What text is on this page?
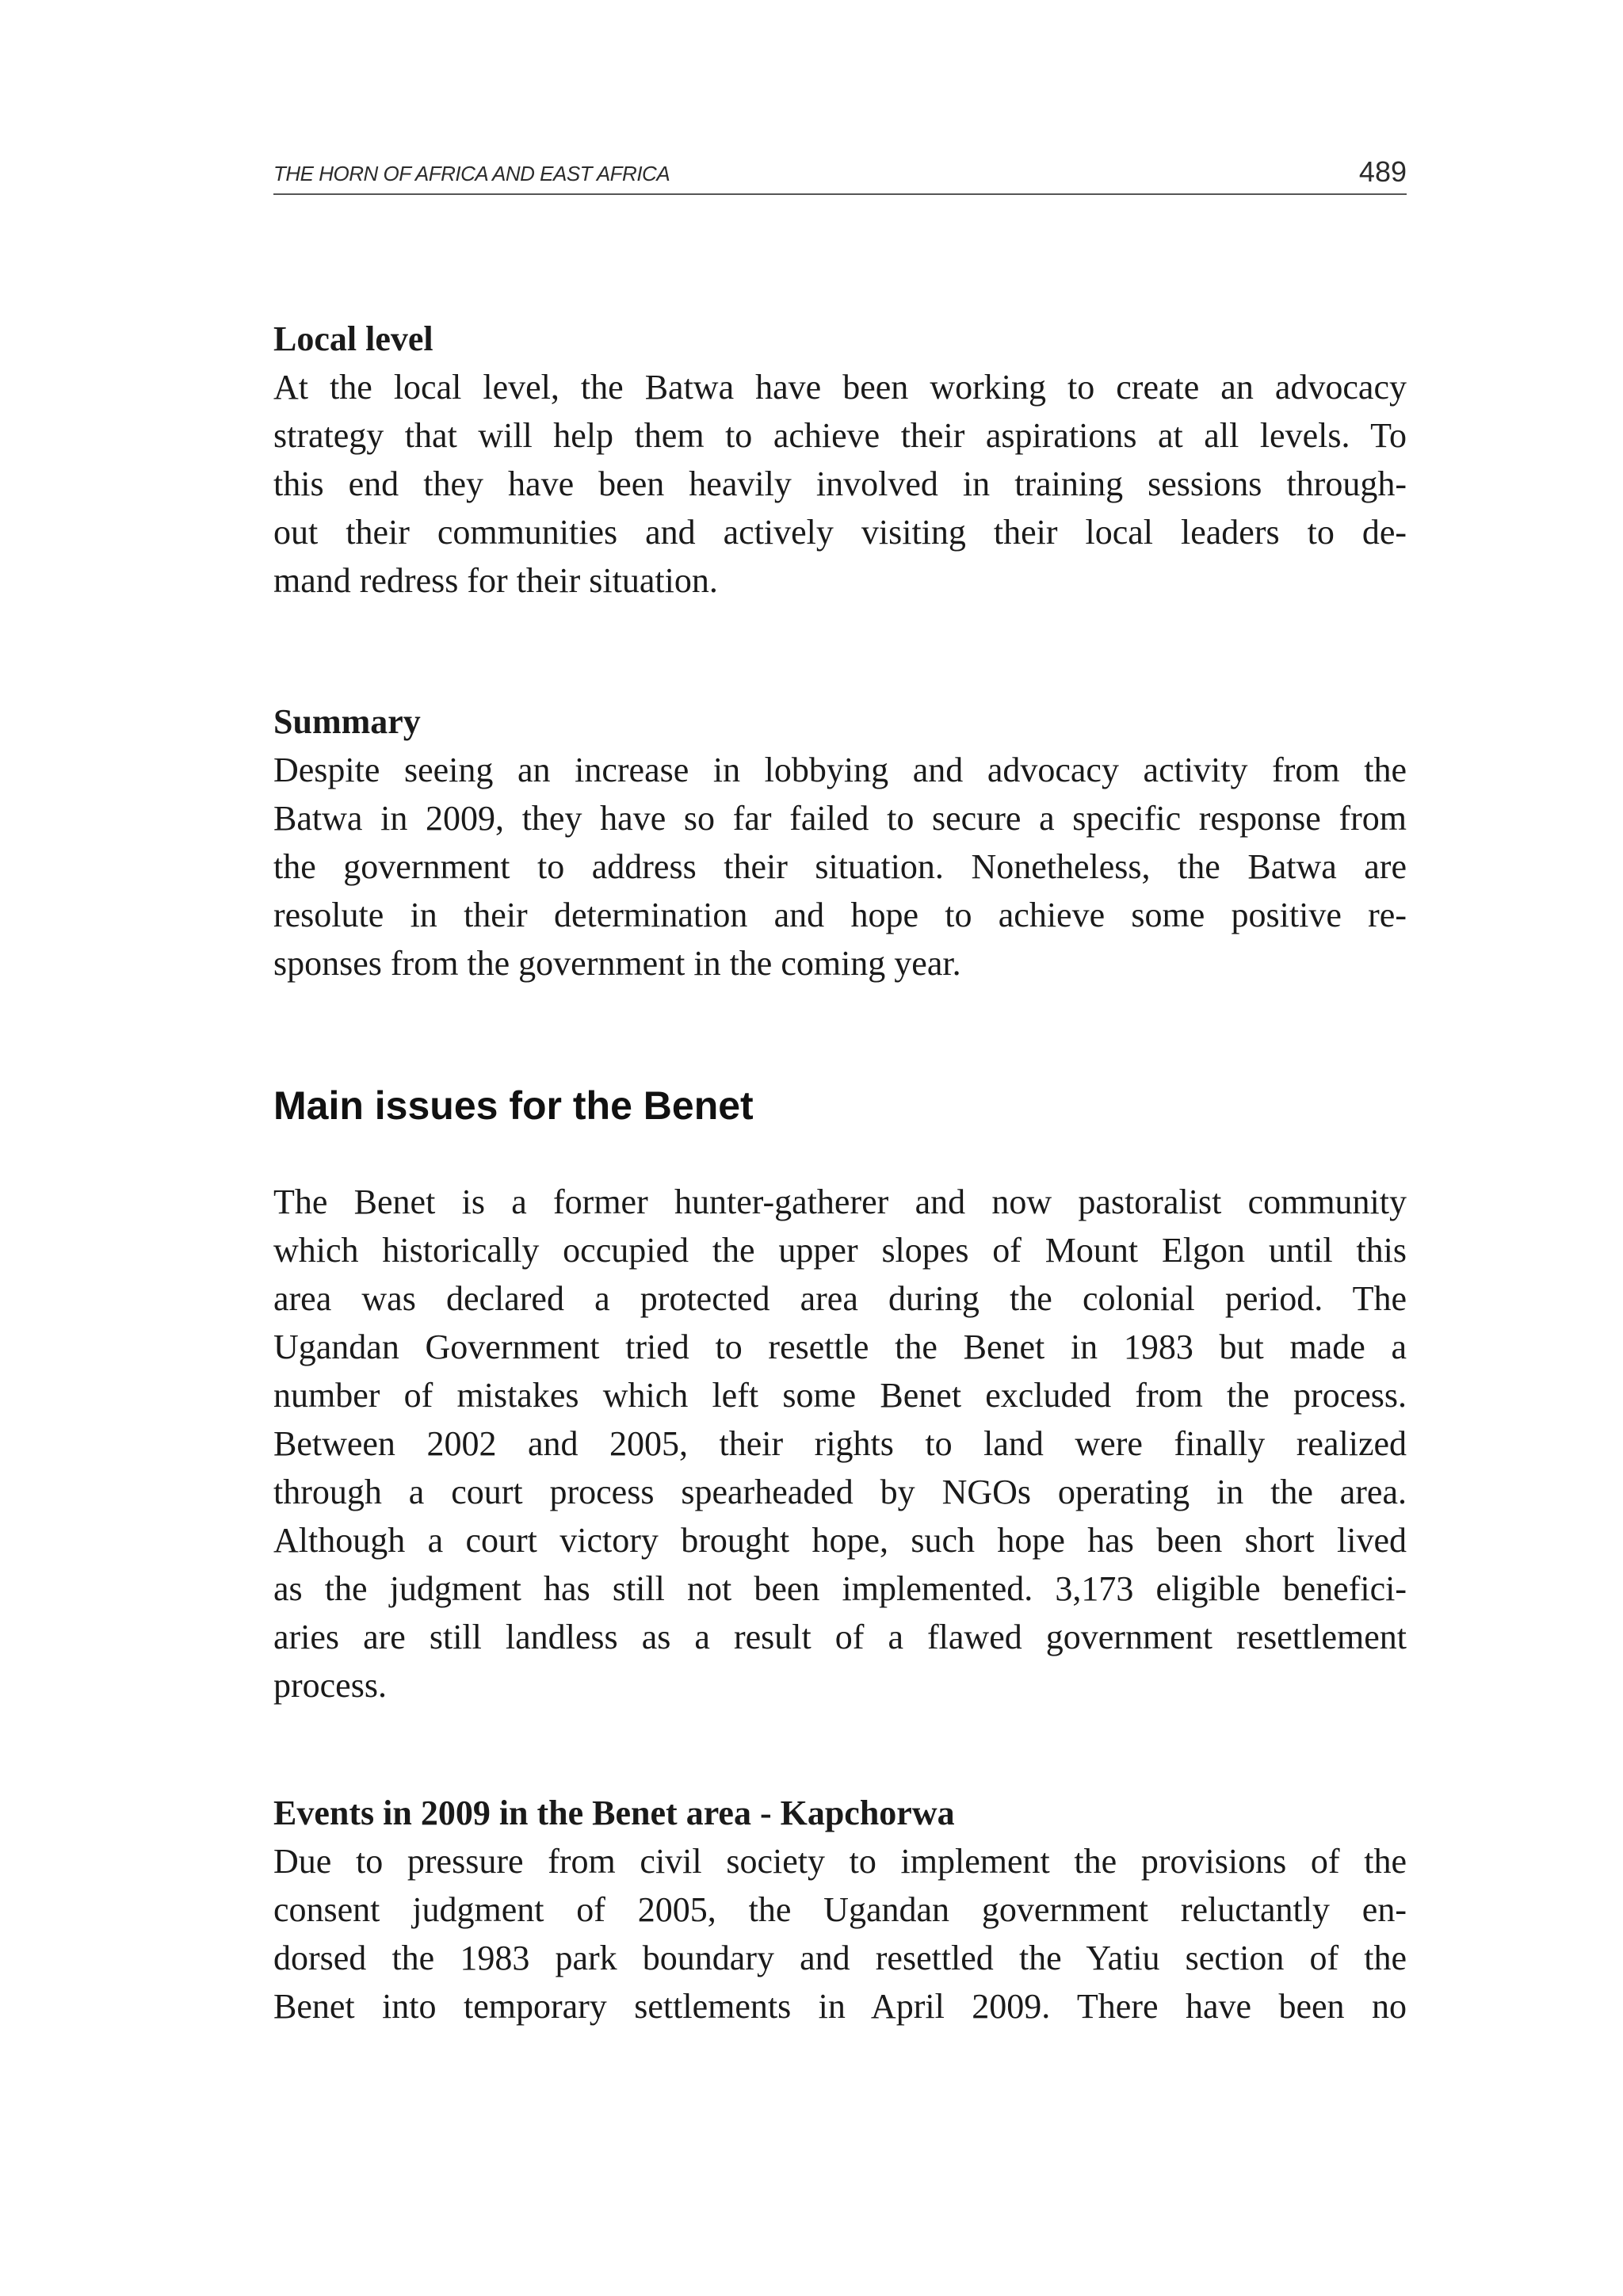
THE HORN OF AFRICA AND EAST AFRICA	489
Local level
At the local level, the Batwa have been working to create an advocacy
strategy that will help them to achieve their aspirations at all levels. To
this end they have been heavily involved in training sessions through-
out their communities and actively visiting their local leaders to de-
mand redress for their situation.
Summary
Despite seeing an increase in lobbying and advocacy activity from the
Batwa in 2009, they have so far failed to secure a specific response from
the government to address their situation. Nonetheless, the Batwa are
resolute in their determination and hope to achieve some positive re-
sponses from the government in the coming year.
Main issues for the Benet
The Benet is a former hunter-gatherer and now pastoralist community
which historically occupied the upper slopes of Mount Elgon until this
area was declared a protected area during the colonial period. The
Ugandan Government tried to resettle the Benet in 1983 but made a
number of mistakes which left some Benet excluded from the process.
Between 2002 and 2005, their rights to land were finally realized
through a court process spearheaded by NGOs operating in the area.
Although a court victory brought hope, such hope has been short lived
as the judgment has still not been implemented. 3,173 eligible benefici-
aries are still landless as a result of a flawed government resettlement
process.
Events in 2009 in the Benet area - Kapchorwa
Due to pressure from civil society to implement the provisions of the
consent judgment of 2005, the Ugandan government reluctantly en-
dorsed the 1983 park boundary and resettled the Yatiu section of the
Benet into temporary settlements in April 2009. There have been no
